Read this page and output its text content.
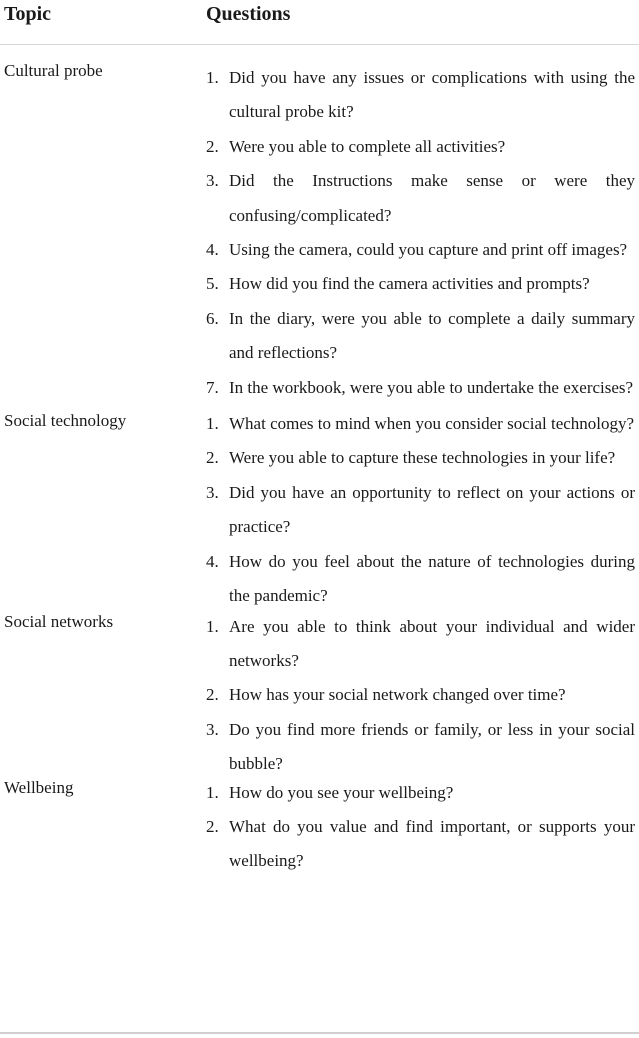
Topic	Questions
Cultural probe	1. Did you have any issues or complications with using the cultural probe kit?
2. Were you able to complete all activities?
3. Did the Instructions make sense or were they confusing/complicated?
4. Using the camera, could you capture and print off images?
5. How did you find the camera activities and prompts?
6. In the diary, were you able to complete a daily summary and reflections?
7. In the workbook, were you able to undertake the exercises?
Social technology	1. What comes to mind when you consider social technology?
2. Were you able to capture these technologies in your life?
3. Did you have an opportunity to reflect on your actions or practice?
4. How do you feel about the nature of technologies during the pandemic?
Social networks	1. Are you able to think about your individual and wider networks?
2. How has your social network changed over time?
3. Do you find more friends or family, or less in your social bubble?
Wellbeing	1. How do you see your wellbeing?
2. What do you value and find important, or supports your wellbeing?
